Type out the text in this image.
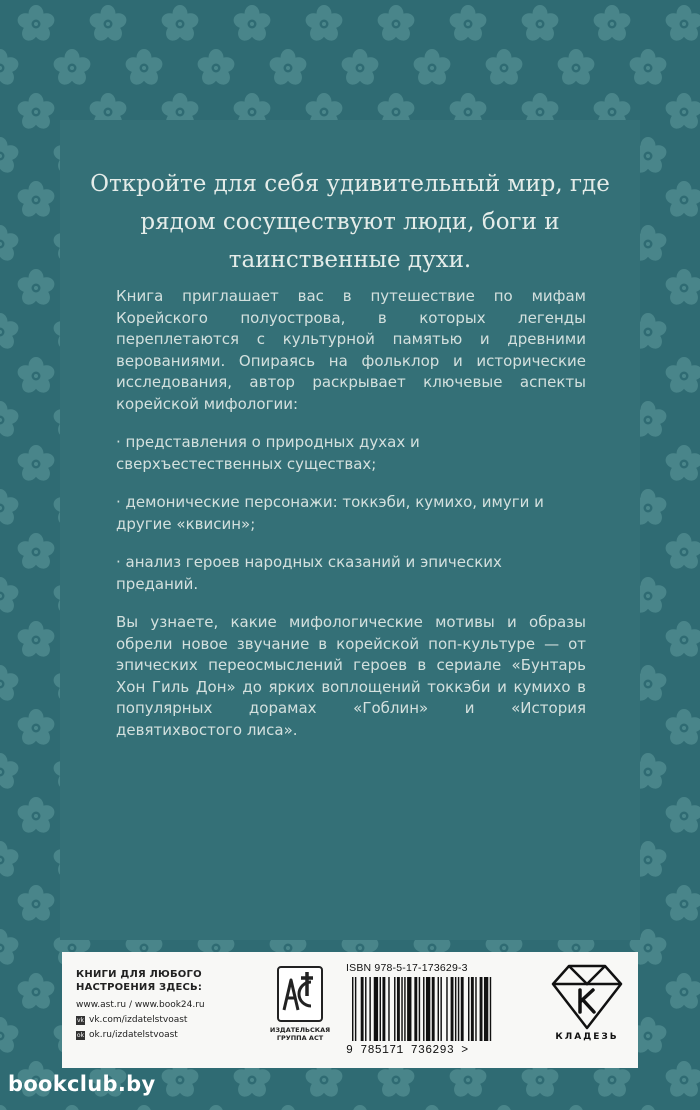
Откройте для себя удивительный мир, где рядом сосуществуют люди, боги и таинственные духи.

Книга приглашает вас в путешествие по мифам Корейского полуострова, в которых легенды переплетаются с культурной памятью и древними верованиями. Опираясь на фольклор и исторические исследования, автор раскрывает ключевые аспекты корейской мифологии:

· представления о природных духах и сверхъестественных существах;

· демонические персонажи: токкэби, кумихо, имуги и другие «квисин»;

· анализ героев народных сказаний и эпических преданий.

Вы узнаете, какие мифологические мотивы и образы обрели новое звучание в корейской поп-культуре — от эпических переосмыслений героев в сериале «Бунтарь Хон Гиль Дон» до ярких воплощений токкэби и кумихо в популярных дорамах «Гоблин» и «История девятихвостого лиса».

КНИГИ ДЛЯ ЛЮБОГО НАСТРОЕНИЯ ЗДЕСЬ:
www.ast.ru / www.book24.ru
vk vk.com/izdatelstvoast
ok ok.ru/izdatelstvoast	ИЗДАТЕЛЬСКАЯ ГРУППА АСТ
ISBN 978-5-17-173629-3
9 785171 736293 >
КЛАДЕЗЬ
bookclub.by
